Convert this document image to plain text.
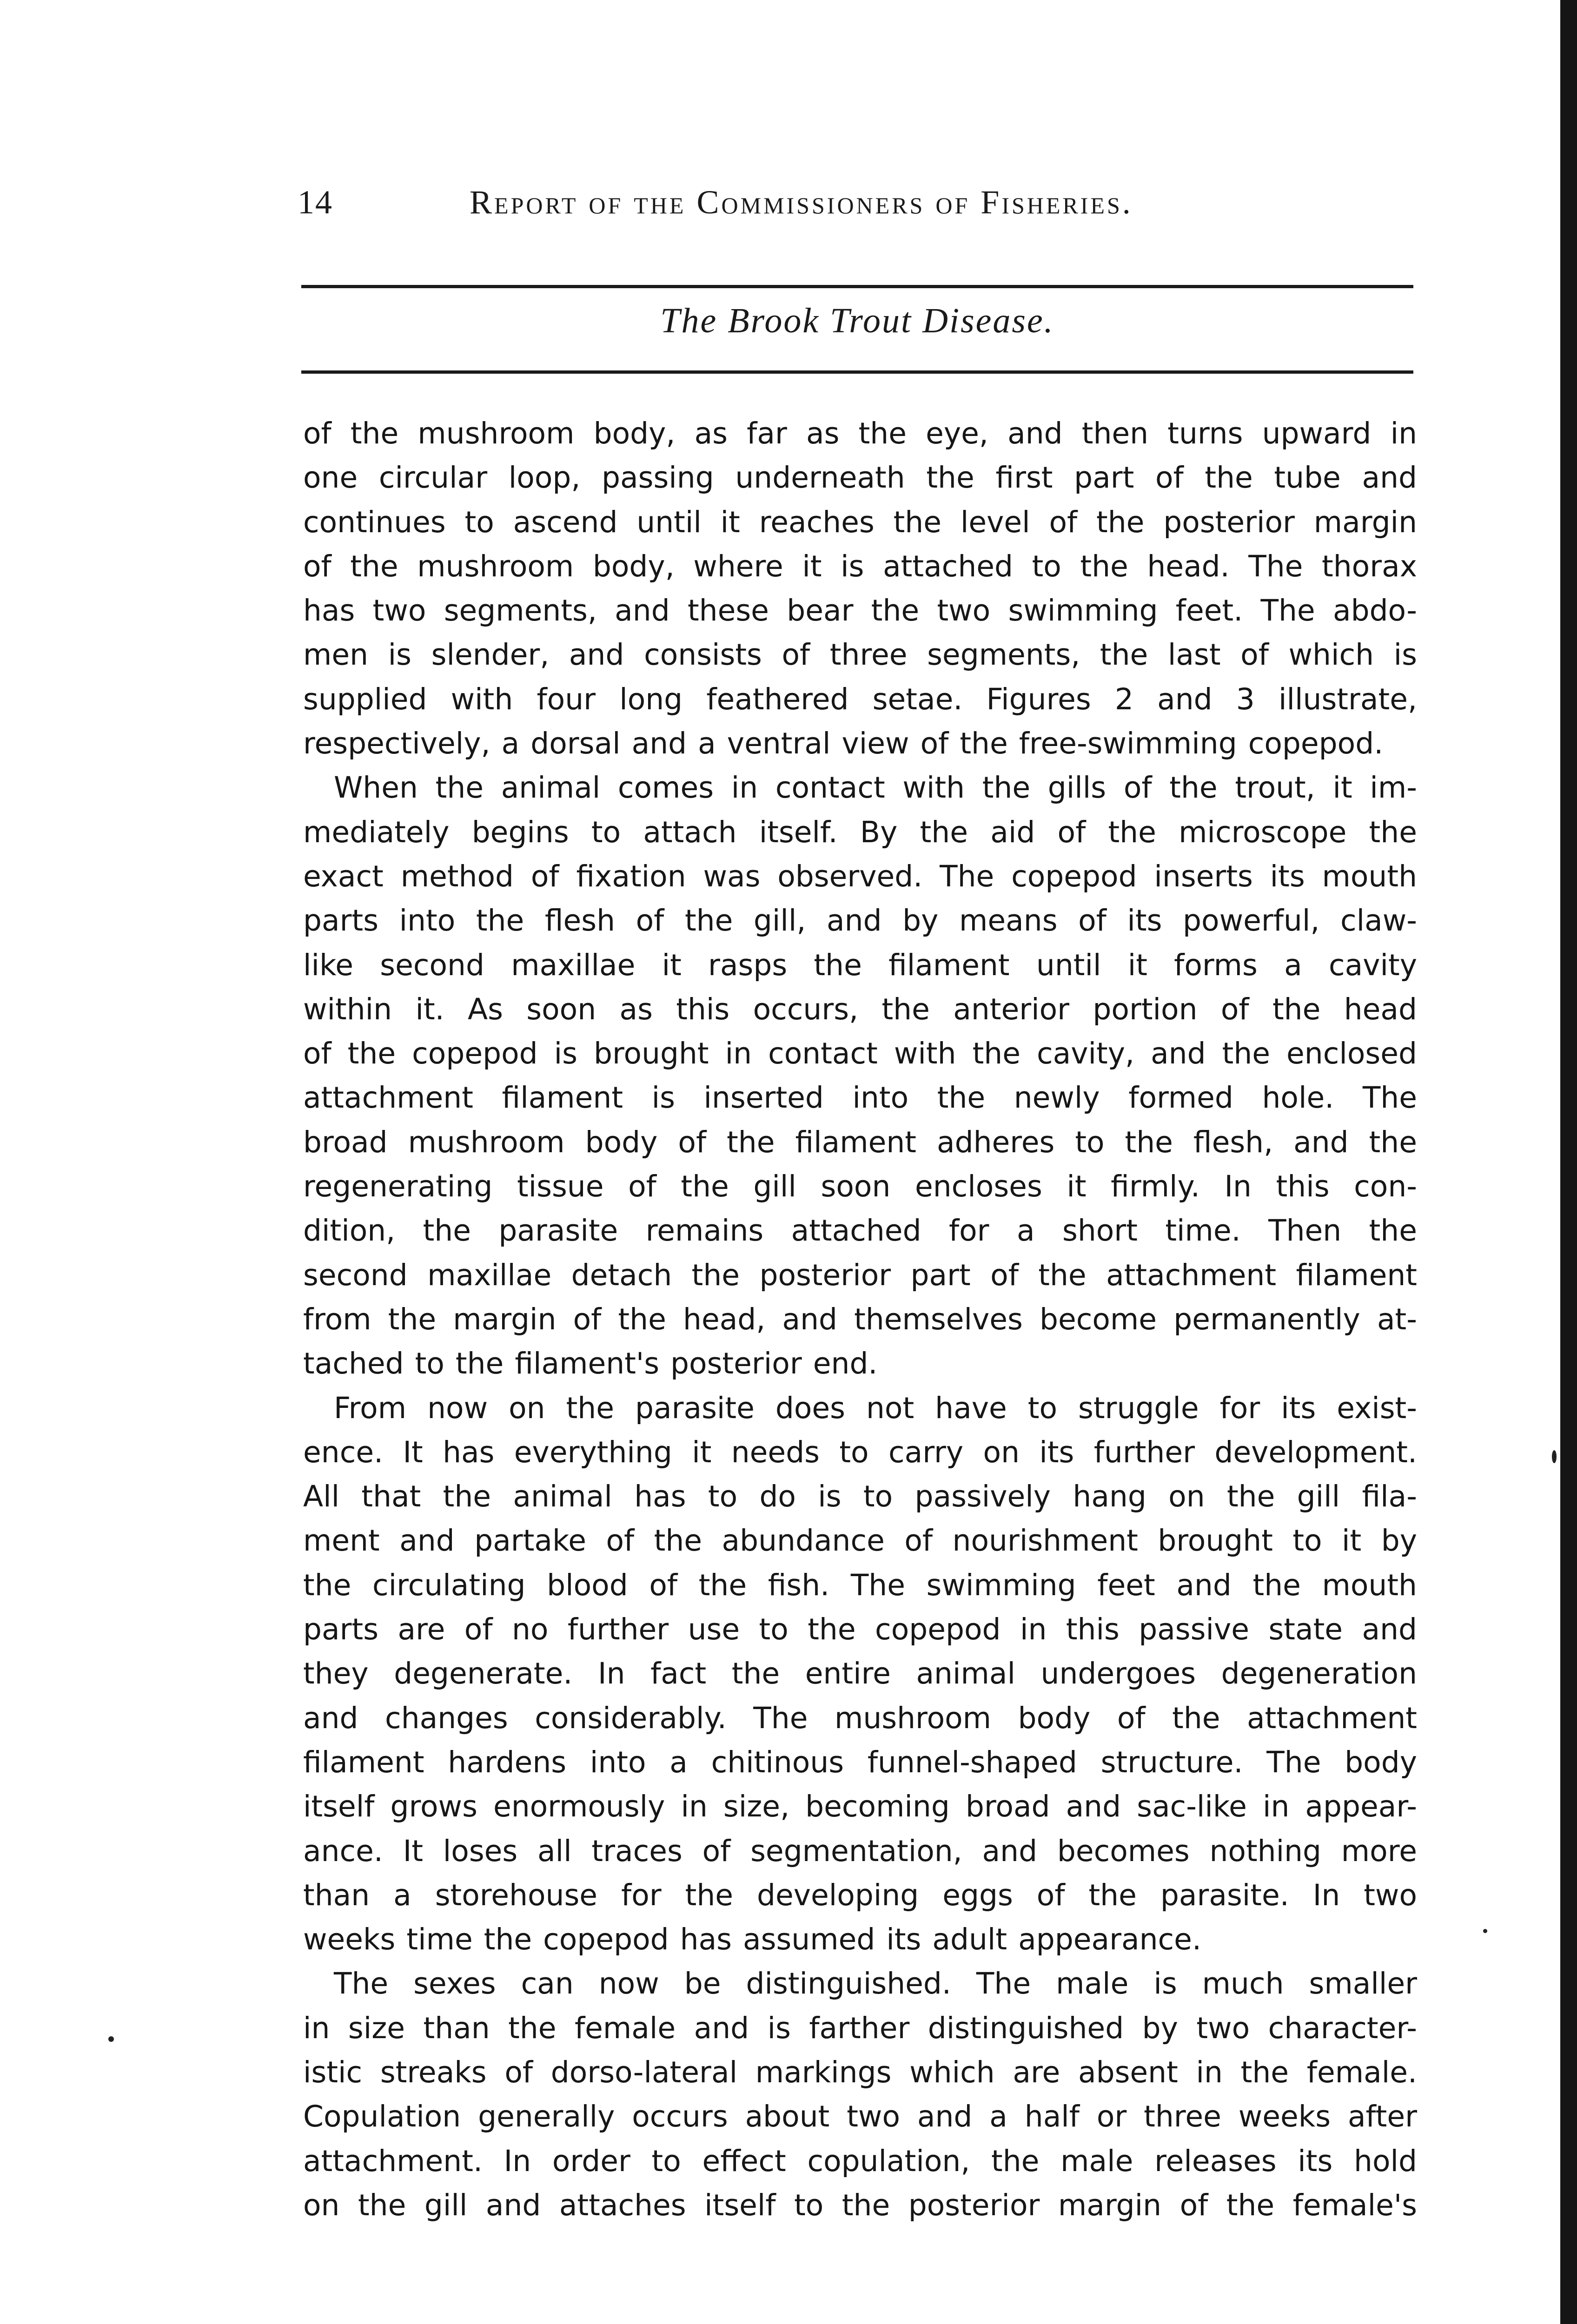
14	Report of the Commissioners of Fisheries.
The Brook Trout Disease.
of the mushroom body, as far as the eye, and then turns upward in
one circular loop, passing underneath the first part of the tube and
continues to ascend until it reaches the level of the posterior margin
of the mushroom body, where it is attached to the head. The thorax
has two segments, and these bear the two swimming feet. The abdo-
men is slender, and consists of three segments, the last of which is
supplied with four long feathered setae. Figures 2 and 3 illustrate,
respectively, a dorsal and a ventral view of the free-swimming copepod.
When the animal comes in contact with the gills of the trout, it im-
mediately begins to attach itself. By the aid of the microscope the
exact method of fixation was observed. The copepod inserts its mouth
parts into the flesh of the gill, and by means of its powerful, claw-
like second maxillae it rasps the filament until it forms a cavity
within it. As soon as this occurs, the anterior portion of the head
of the copepod is brought in contact with the cavity, and the enclosed
attachment filament is inserted into the newly formed hole. The
broad mushroom body of the filament adheres to the flesh, and the
regenerating tissue of the gill soon encloses it firmly. In this con-
dition, the parasite remains attached for a short time. Then the
second maxillae detach the posterior part of the attachment filament
from the margin of the head, and themselves become permanently at-
tached to the filament's posterior end.
From now on the parasite does not have to struggle for its exist-
ence. It has everything it needs to carry on its further development.
All that the animal has to do is to passively hang on the gill fila-
ment and partake of the abundance of nourishment brought to it by
the circulating blood of the fish. The swimming feet and the mouth
parts are of no further use to the copepod in this passive state and
they degenerate. In fact the entire animal undergoes degeneration
and changes considerably. The mushroom body of the attachment
filament hardens into a chitinous funnel-shaped structure. The body
itself grows enormously in size, becoming broad and sac-like in appear-
ance. It loses all traces of segmentation, and becomes nothing more
than a storehouse for the developing eggs of the parasite. In two
weeks time the copepod has assumed its adult appearance.
The sexes can now be distinguished. The male is much smaller
in size than the female and is farther distinguished by two character-
istic streaks of dorso-lateral markings which are absent in the female.
Copulation generally occurs about two and a half or three weeks after
attachment. In order to effect copulation, the male releases its hold
on the gill and attaches itself to the posterior margin of the female's
